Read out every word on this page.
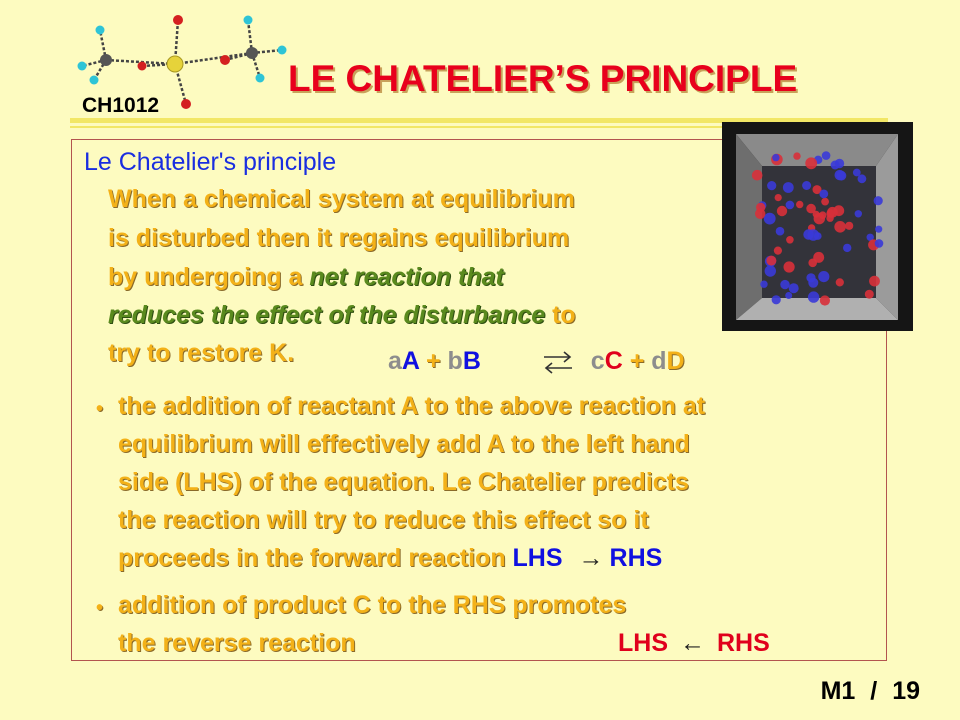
CH1012
LE CHATELIER’S PRINCIPLE
Le Chatelier's principle
When a chemical system at equilibrium
is disturbed then it regains equilibrium
by undergoing a net reaction that
reduces the effect of the disturbance to
try to restore K.	aA + bB	cC + dD
• the addition of reactant A to the above reaction at
equilibrium will effectively add A to the left hand
side (LHS) of the equation. Le Chatelier predicts
the reaction will try to reduce this effect so it
proceeds in the forward reaction LHS → RHS
• addition of product C to the RHS promotes
the reverse reaction	LHS ← RHS
M1 / 19
